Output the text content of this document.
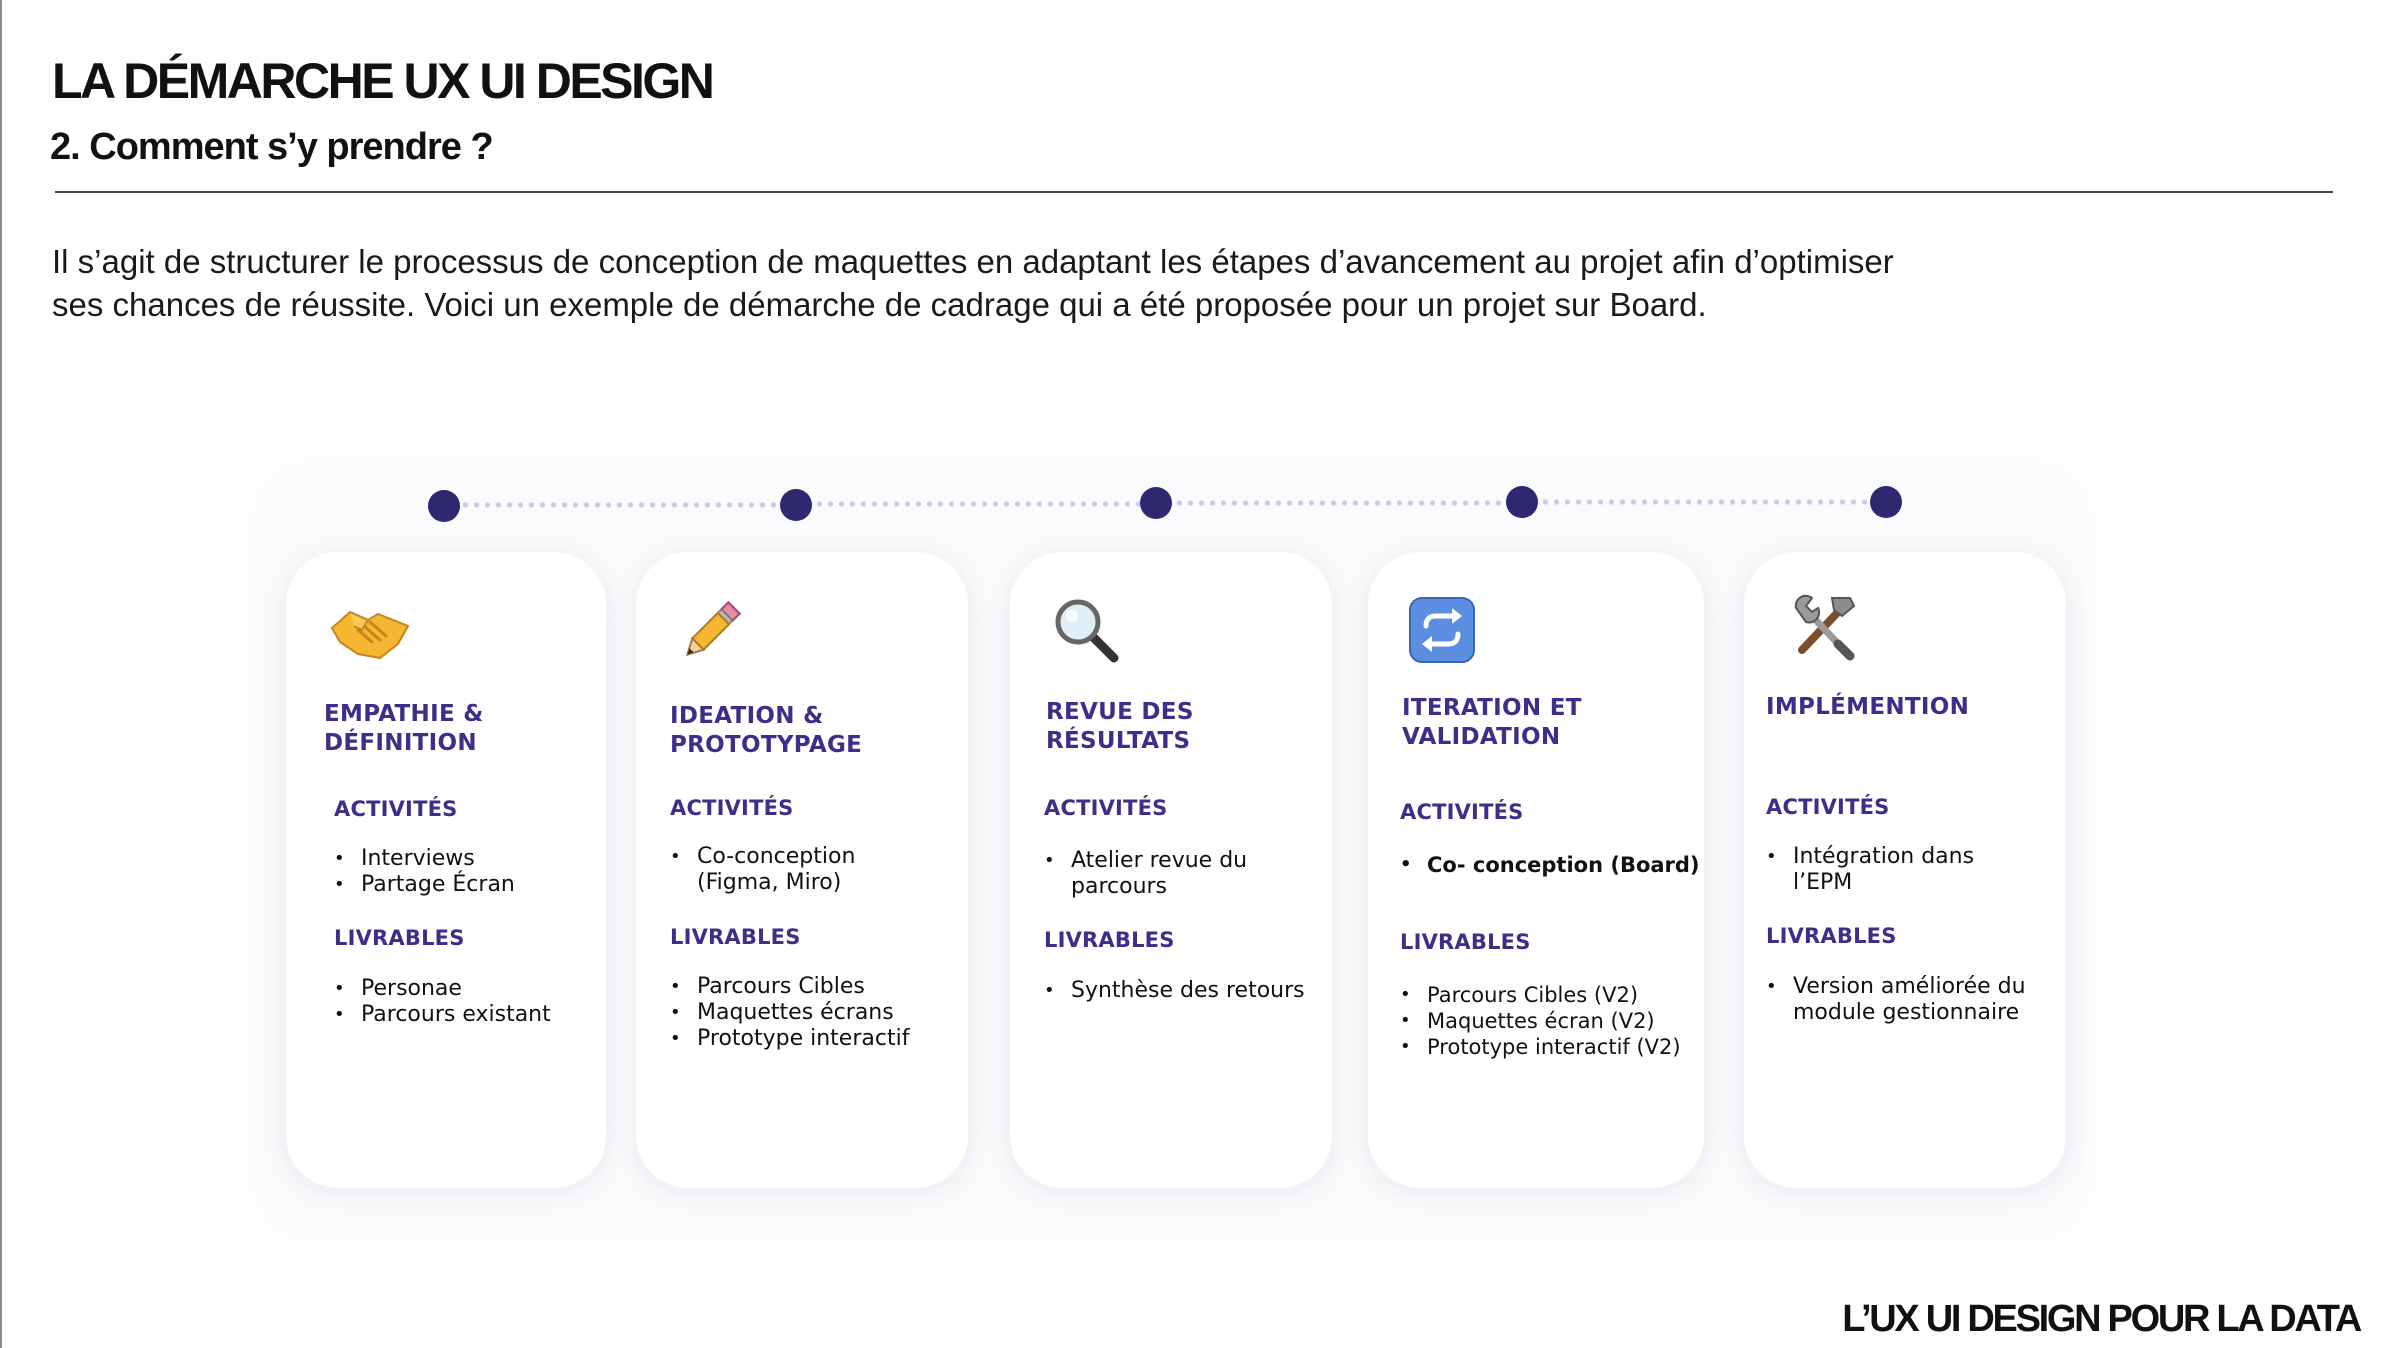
LA DÉMARCHE UX UI DESIGN
2. Comment s’y prendre ?

Il s’agit de structurer le processus de conception de maquettes en adaptant les étapes d’avancement au projet afin d’optimiser

ses chances de réussite. Voici un exemple de démarche de cadrage qui a été proposée pour un projet sur Board.

EMPATHIE &
DÉFINITION
ACTIVITÉS
• Interviews
• Partage Écran
LIVRABLES
• Personae
• Parcours existant
IDEATION &
PROTOTYPAGE
ACTIVITÉS
• Co-conception
(Figma, Miro)
LIVRABLES
• Parcours Cibles
• Maquettes écrans
• Prototype interactif
REVUE DES
RÉSULTATS
ACTIVITÉS
• Atelier revue du
parcours
LIVRABLES
• Synthèse des retours
ITERATION ET
VALIDATION
ACTIVITÉS
• Co- conception (Board)
LIVRABLES
• Parcours Cibles (V2)
• Maquettes écran (V2)
• Prototype interactif (V2)
IMPLÉMENTION
ACTIVITÉS
• Intégration dans
l’EPM
LIVRABLES
• Version améliorée du
module gestionnaire
L’UX UI DESIGN POUR LA DATA
